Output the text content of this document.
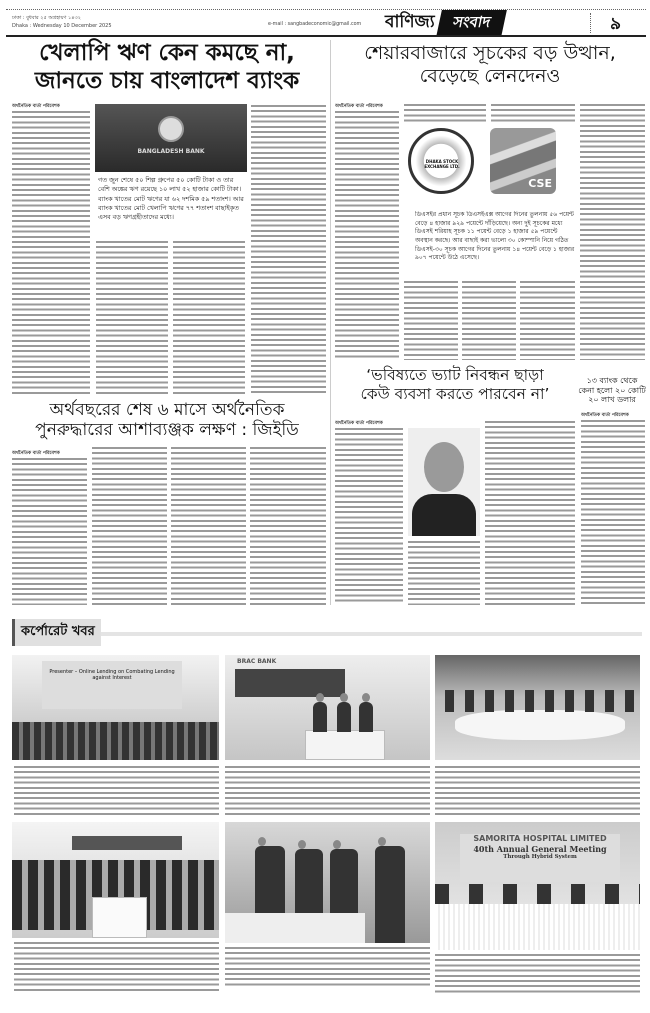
ঢাকা : বুধবার ২৫ অগ্রহায়ণ ১৪৩২
Dhaka : Wednesday 10 December 2025	e-mail : sangbadeconomic@gmail.com বাণিজ্য	সংবাদ	৯
খেলাপি ঋণ কেন কমছে না,
জানতে চায় বাংলাদেশ ব্যাংক
অর্থনৈতিক বার্তা পরিবেশক
BANGLADESH BANK
গত জুন শেষে ৫০ শিল্প গ্রুপের ৫০ কোটি টাকা ও তার বেশি অঙ্কের ঋণ রয়েছে ১০ লাখ ৫২ হাজার কোটি টাকা। ব্যাংক খাতের মোট ঋণের যা ৬২ দশমিক ৫৯ শতাংশ। আর ব্যাংক খাতের মোট খেলাপি ঋণের ৭৭ শতাংশ বাছাইকৃত এসব বড় ঋণগ্রহীতাদের মধ্যে।
শেয়ারবাজারে সূচকের বড় উত্থান,
বেড়েছে লেনদেনও
অর্থনৈতিক বার্তা পরিবেশক
DHAKA STOCK EXCHANGE LTD.
CSE
ডিএসইর প্রধান সূচক ডিএসইএক্স আগের দিনের তুলনায় ৫৬ পয়েন্ট বেড়ে ৪ হাজার ৯২৯ পয়েন্টে দাঁড়িয়েছে। অন্য দুই সূচকের মধ্যে ডিএসই শরিয়াহ সূচক ১১ পয়েন্ট বেড়ে ১ হাজার ৫৯ পয়েন্টে অবস্থান করছে। আর বাছাই করা ভালো ৩০ কোম্পানি নিয়ে গঠিত ডিএসই-৩০ সূচক আগের দিনের তুলনায় ১৪ পয়েন্ট বেড়ে ১ হাজার ৯০৭ পয়েন্টে উঠে এসেছে।
অর্থবছরের শেষ ৬ মাসে অর্থনৈতিক
পুনরুদ্ধারের আশাব্যঞ্জক লক্ষণ : জিইডি
অর্থনৈতিক বার্তা পরিবেশক
‘ভবিষ্যতে ভ্যাট নিবন্ধন ছাড়া
কেউ ব্যবসা করতে পারবেন না’
অর্থনৈতিক বার্তা পরিবেশক
১৩ ব্যাংক থেকে
কেনা হলো ২০ কোটি
২০ লাখ ডলার
অর্থনৈতিক বার্তা পরিবেশক
কর্পোরেট খবর
Presenter – Online Lending on Combating Lending against Interest
BRAC BANK
SAMORITA HOSPITAL LIMITED
40th Annual General Meeting
Through Hybrid System
